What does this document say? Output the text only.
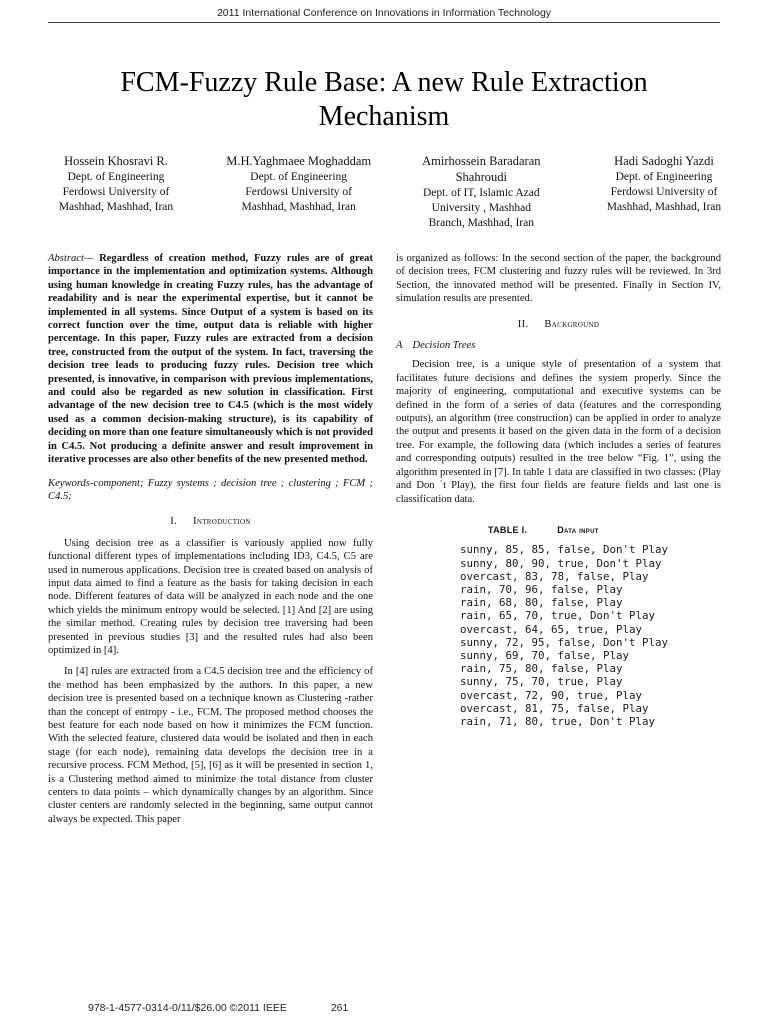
2011 International Conference on Innovations in Information Technology
FCM-Fuzzy Rule Base: A new Rule Extraction
Mechanism
Hossein Khosravi R.
Dept. of Engineering
Ferdowsi University of
Mashhad, Mashhad, Iran
M.H.Yaghmaee Moghaddam
Dept. of Engineering
Ferdowsi University of
Mashhad, Mashhad, Iran
Amirhossein Baradaran Shahroudi
Dept. of IT, Islamic Azad
University , Mashhad
Branch, Mashhad, Iran
Hadi Sadoghi Yazdi
Dept. of Engineering
Ferdowsi University of
Mashhad, Mashhad, Iran

Abstract— Regardless of creation method, Fuzzy rules are of great importance in the implementation and optimization systems. Although using human knowledge in creating Fuzzy rules, has the advantage of readability and is near the experimental expertise, but it cannot be implemented in all systems. Since Output of a system is based on its correct function over the time, output data is reliable with higher percentage. In this paper, Fuzzy rules are extracted from a decision tree, constructed from the output of the system. In fact, traversing the decision tree leads to producing fuzzy rules. Decision tree which presented, is innovative, in comparison with previous implementations, and could also be regarded as new solution in classification. First advantage of the new decision tree to C4.5 (which is the most widely used as a common decision-making structure), is its capability of deciding on more than one feature simultaneously which is not provided in C4.5. Not producing a definite answer and result improvement in iterative processes are also other benefits of the new presented method.

Keywords-component; Fuzzy systems ; decision tree ; clustering ; FCM ; C4.5;

I. Introduction

Using decision tree as a classifier is variously applied now fully functional different types of implementations including ID3, C4.5, C5 are used in numerous applications. Decision tree is created based on analysis of input data aimed to find a feature as the basis for taking decision in each node. Different features of data will be analyzed in each node and the one which yields the minimum entropy would be selected. [1] And [2] are using the similar method. Creating rules by decision tree traversing had been presented in previous studies [3] and the resulted rules had also been optimized in [4].

In [4] rules are extracted from a C4.5 decision tree and the efficiency of the method has been emphasized by the authors. In this paper, a new decision tree is presented based on a technique known as Clustering -rather than the concept of entropy - i.e., FCM. The proposed method chooses the best feature for each node based on how it minimizes the FCM function. With the selected feature, clustered data would be isolated and then in each stage (for each node), remaining data develops the decision tree in a recursive process. FCM Method, [5], [6] as it will be presented in section 1, is a Clustering method aimed to minimize the total distance from cluster centers to data points – which dynamically changes by an algorithm. Since cluster centers are randomly selected in the beginning, same output cannot always be expected. This paper

is organized as follows: In the second section of the paper, the background of decision trees, FCM clustering and fuzzy rules will be reviewed. In 3rd Section, the innovated method will be presented. Finally in Section IV, simulation results are presented.

II. Background
A Decision Trees

Decision tree, is a unique style of presentation of a system that facilitates future decisions and defines the system properly. Since the majority of engineering, computational and executive systems can be defined in the form of a series of data (features and the corresponding outputs), an algorithm (tree construction) can be applied in order to analyze the output and presents it based on the given data in the form of a decision tree. For example, the following data (which includes a series of features and corresponding outputs) resulted in the tree below “Fig. 1”, using the algorithm presented in [7]. In table 1 data are classified in two classes: (Play and Don `t Play), the first four fields are feature fields and last one is classification data.

TABLE I.	Data input
sunny, 85, 85, false, Don't Play
sunny, 80, 90, true, Don't Play
overcast, 83, 78, false, Play
rain, 70, 96, false, Play
rain, 68, 80, false, Play
rain, 65, 70, true, Don't Play
overcast, 64, 65, true, Play
sunny, 72, 95, false, Don't Play
sunny, 69, 70, false, Play
rain, 75, 80, false, Play
sunny, 75, 70, true, Play
overcast, 72, 90, true, Play
overcast, 81, 75, false, Play
rain, 71, 80, true, Don't Play
978-1-4577-0314-0/11/$26.00 ©2011 IEEE	261
